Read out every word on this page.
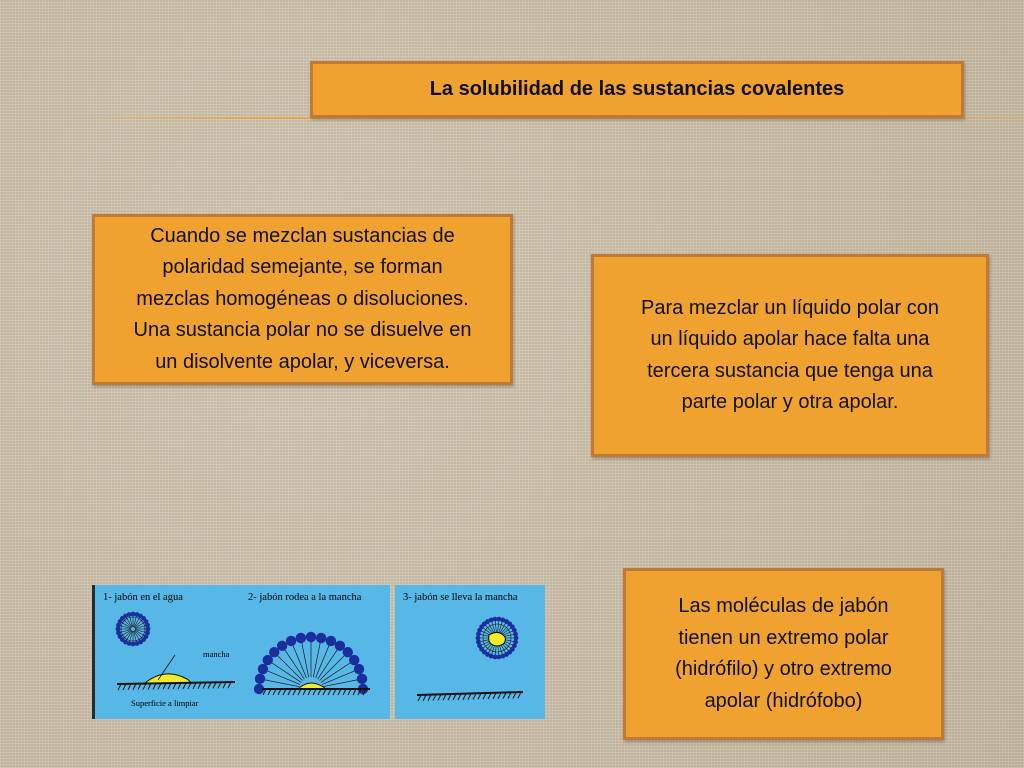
La solubilidad de las sustancias covalentes
Cuando se mezclan sustancias de
polaridad semejante, se forman
mezclas homogéneas o disoluciones.
Una sustancia polar no se disuelve en
un disolvente apolar, y viceversa.
Para mezclar un líquido polar con
un líquido apolar hace falta una
tercera sustancia que tenga una
parte polar y otra apolar.
Las moléculas de jabón
tienen un extremo polar
(hidrófilo) y otro extremo
apolar (hidrófobo)
1- jabón en el agua
mancha
Superficie a limpiar
2- jabón rodea a la mancha	3- jabón se lleva la mancha
